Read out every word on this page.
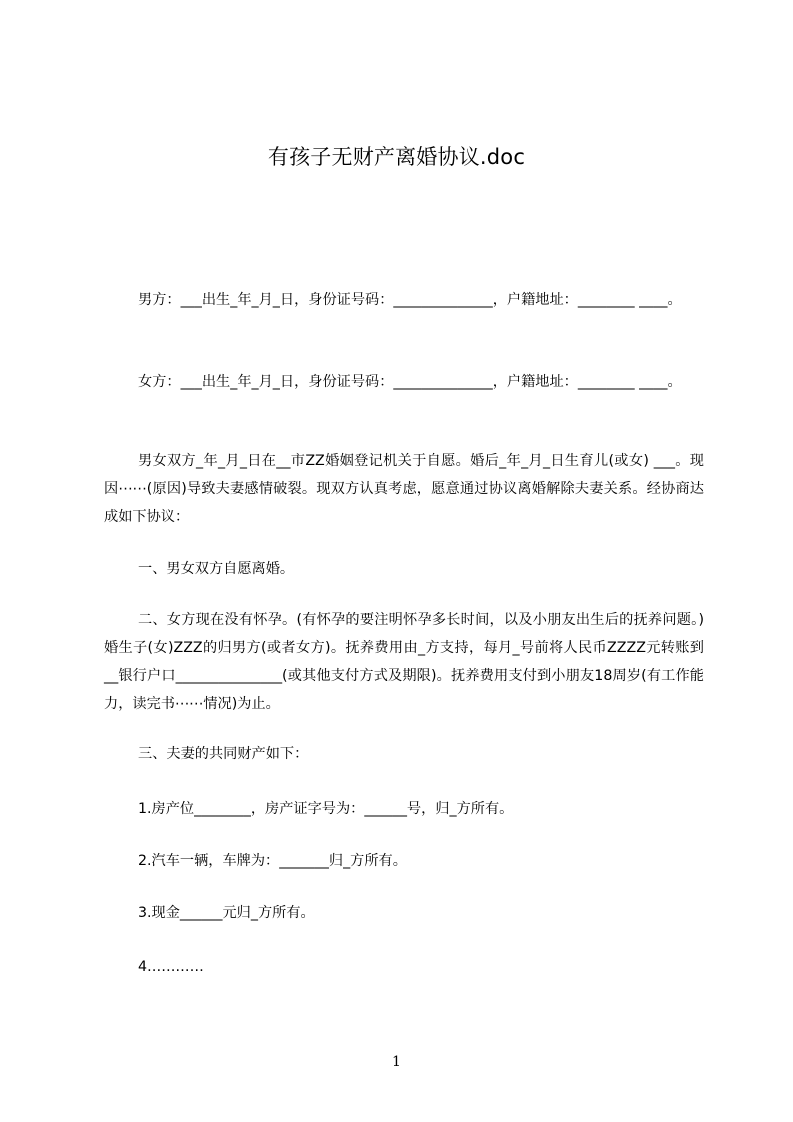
有孩子无财产离婚协议.doc

男方：___出生_年_月_日，身份证号码：______________，户籍地址：________ ____。

女方：___出生_年_月_日，身份证号码：______________，户籍地址：________ ____。

男女双方_年_月_日在__市ZZ婚姻登记机关于自愿。婚后_年_月_日生育儿(或女) ___。现因⋯⋯(原因)导致夫妻感情破裂。现双方认真考虑，愿意通过协议离婚解除夫妻关系。经协商达成如下协议：

一、男女双方自愿离婚。

二、女方现在没有怀孕。(有怀孕的要注明怀孕多长时间，以及小朋友出生后的抚养问题。)婚生子(女)ZZZ的归男方(或者女方)。抚养费用由_方支持，每月_号前将人民币ZZZZ元转账到__银行户口_______________(或其他支付方式及期限)。抚养费用支付到小朋友18周岁(有工作能力，读完书⋯⋯情况)为止。

三、夫妻的共同财产如下：

1.房产位________，房产证字号为：______号，归_方所有。

2.汽车一辆，车牌为：_______归_方所有。

3.现金______元归_方所有。

4…………

1
